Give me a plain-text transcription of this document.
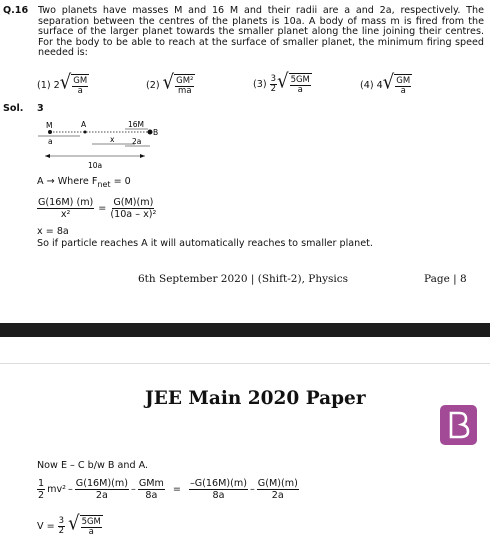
Q.16 Two planets have masses M and 16 M and their radii are a and 2a, respectively. The separation between the centres of the planets is 10a. A body of mass m is fired from the surface of the larger planet towards the smaller planet along the line joining their centres. For the body to be able to reach at the surface of smaller planet, the minimum firing speed needed is:
(1)
2 √ $\frac{GM}{a}$	(2)
√ $\frac{\text{GM²}}{ma}$	(3)
$\frac{3}{2}$ √ $\frac{5GM}{a}$	(4)
4 √ $\frac{GM}{a}$
Sol. 3
M	A	16M
B
a	x 2a
10a
A → Where $F_{net} = 0$
$\frac{G(16M) (m)}{\text{x²}} = \frac{G(M)(m)}{\text{(10a – x)²}}$
x = 8a
So if particle reaches A it will automatically reaches to smaller planet.
6th September 2020 | (Shift-2), Physics	Page | 8
JEE Main 2020 Paper
Now E – C b/w B and A.
$\frac{1}{2} mv^2 - \frac{G(16M)(m)}{2a} - \frac{\text{GMm}}{8a} = \frac{-G(16M)(m)}{8a} - \frac{G(M)(m)}{2a}$
$V = \frac{3}{2}$ √ $\frac{5GM}{a}$
